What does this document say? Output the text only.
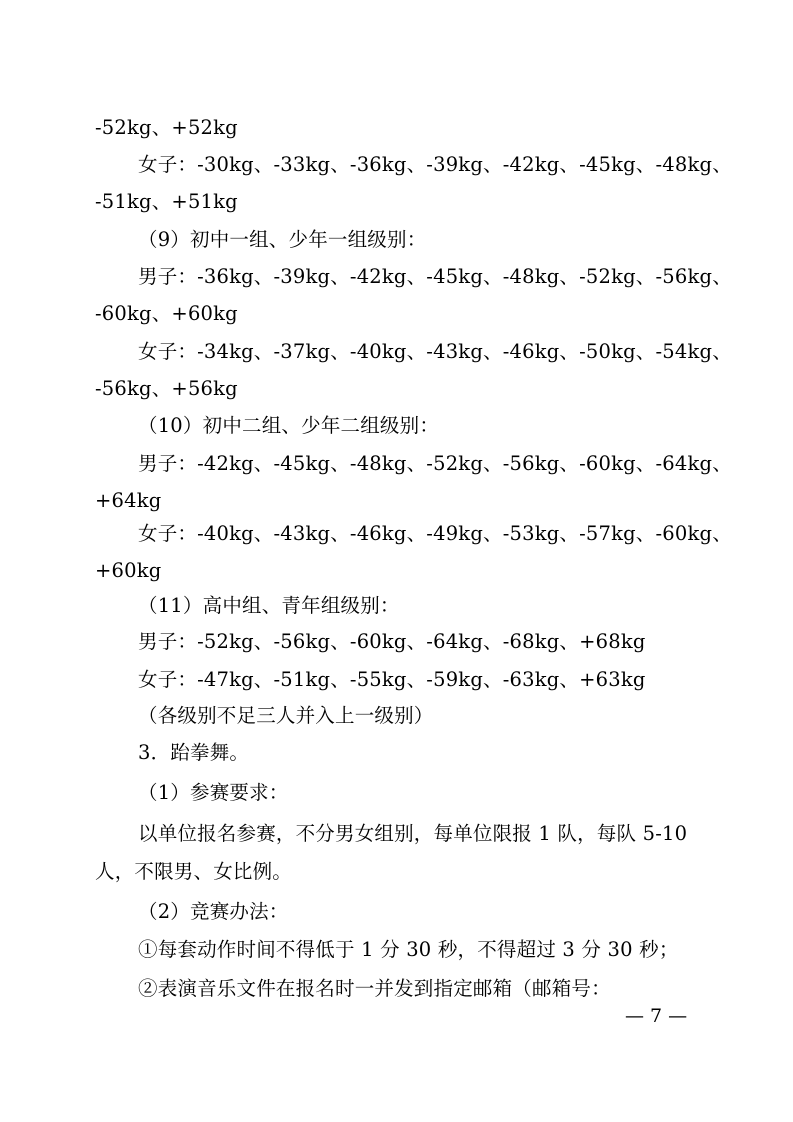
-52kg、+52kg
女子：-30kg、-33kg、-36kg、-39kg、-42kg、-45kg、-48kg、
-51kg、+51kg
（9）初中一组、少年一组级别：
男子：-36kg、-39kg、-42kg、-45kg、-48kg、-52kg、-56kg、
-60kg、+60kg
女子：-34kg、-37kg、-40kg、-43kg、-46kg、-50kg、-54kg、
-56kg、+56kg
（10）初中二组、少年二组级别：
男子：-42kg、-45kg、-48kg、-52kg、-56kg、-60kg、-64kg、
+64kg
女子：-40kg、-43kg、-46kg、-49kg、-53kg、-57kg、-60kg、
+60kg
（11）高中组、青年组级别：
男子：-52kg、-56kg、-60kg、-64kg、-68kg、+68kg
女子：-47kg、-51kg、-55kg、-59kg、-63kg、+63kg
（各级别不足三人并入上一级别）
3．跆拳舞。
（1）参赛要求：
以单位报名参赛，不分男女组别，每单位限报 1 队，每队 5-10
人，不限男、女比例。
（2）竞赛办法：
①每套动作时间不得低于 1 分 30 秒，不得超过 3 分 30 秒；
②表演音乐文件在报名时一并发到指定邮箱（邮箱号：
— 7 —
